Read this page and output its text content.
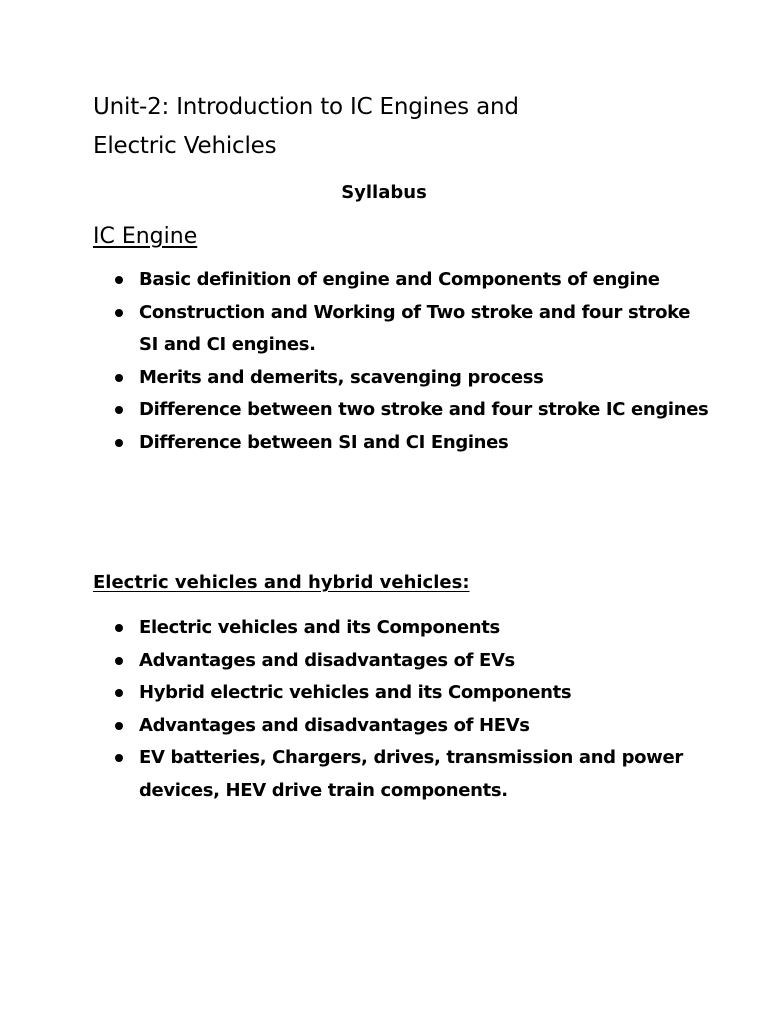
Unit-2: Introduction to IC Engines and
Electric Vehicles
Syllabus
IC Engine
Basic definition of engine and Components of engine
Construction and Working of Two stroke and four stroke SI and CI engines.
Merits and demerits, scavenging process
Difference between two stroke and four stroke IC engines
Difference between SI and CI Engines
Electric vehicles and hybrid vehicles:
Electric vehicles and its Components
Advantages and disadvantages of EVs
Hybrid electric vehicles and its Components
Advantages and disadvantages of HEVs
EV batteries, Chargers, drives, transmission and power devices, HEV drive train components.
